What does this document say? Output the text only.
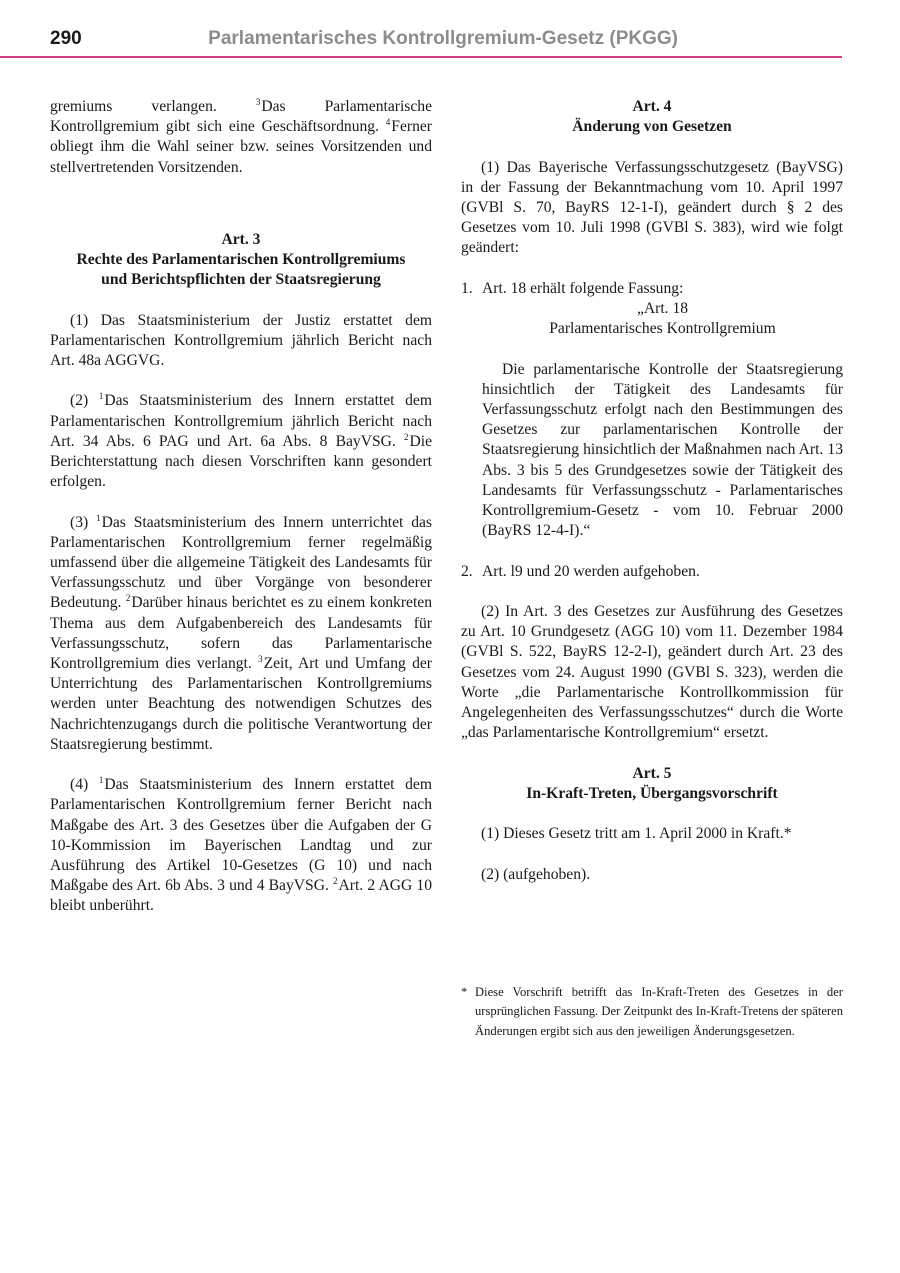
290	Parlamentarisches Kontrollgremium-Gesetz (PKGG)

gremiums verlangen. $^3$Das Parlamentarische Kontrollgremium gibt sich eine Geschäftsordnung. $^4$Ferner obliegt ihm die Wahl seiner bzw. seines Vorsitzenden und stellvertretenden Vorsitzenden.

Art. 3

Rechte des Parlamentarischen Kontrollgremiums

und Berichtspflichten der Staatsregierung

(1) Das Staatsministerium der Justiz erstattet dem Parlamentarischen Kontrollgremium jährlich Bericht nach Art. 48a AGGVG.

(2) $^1$Das Staatsministerium des Innern erstattet dem Parlamentarischen Kontrollgremium jährlich Bericht nach Art. 34 Abs. 6 PAG und Art. 6a Abs. 8 BayVSG. $^2$Die Berichterstattung nach diesen Vorschriften kann gesondert erfolgen.

(3) $^1$Das Staatsministerium des Innern unterrichtet das Parlamentarischen Kontrollgremium ferner regelmäßig umfassend über die allgemeine Tätigkeit des Landesamts für Verfassungsschutz und über Vorgänge von besonderer Bedeutung. $^2$Darüber hinaus berichtet es zu einem konkreten Thema aus dem Aufgabenbereich des Landesamts für Verfassungsschutz, sofern das Parlamentarische Kontrollgremium dies verlangt. $^3$Zeit, Art und Umfang der Unterrichtung des Parlamentarischen Kontrollgremiums werden unter Beachtung des notwendigen Schutzes des Nachrichtenzugangs durch die politische Verantwortung der Staatsregierung bestimmt.

(4) $^1$Das Staatsministerium des Innern erstattet dem Parlamentarischen Kontrollgremium ferner Bericht nach Maßgabe des Art. 3 des Gesetzes über die Aufgaben der G 10-Kommission im Bayerischen Landtag und zur Ausführung des Artikel 10-Gesetzes (G 10) und nach Maßgabe des Art. 6b Abs. 3 und 4 BayVSG. $^2$Art. 2 AGG 10 bleibt unberührt.

Art. 4

Änderung von Gesetzen

(1) Das Bayerische Verfassungsschutzgesetz (BayVSG) in der Fassung der Bekanntmachung vom 10. April 1997 (GVBl S. 70, BayRS 12-1-I), geändert durch § 2 des Gesetzes vom 10. Juli 1998 (GVBl S. 383), wird wie folgt geändert:

1. Art. 18 erhält folgende Fassung:

„Art. 18

Parlamentarisches Kontrollgremium

Die parlamentarische Kontrolle der Staatsregierung hinsichtlich der Tätigkeit des Landesamts für Verfassungsschutz erfolgt nach den Bestimmungen des Gesetzes zur parlamentarischen Kontrolle der Staatsregierung hinsichtlich der Maßnahmen nach Art. 13 Abs. 3 bis 5 des Grundgesetzes sowie der Tätigkeit des Landesamts für Verfassungsschutz - Parlamentarisches Kontrollgremium-Gesetz - vom 10. Februar 2000 (BayRS 12-4-I).“

2. Art. l9 und 20 werden aufgehoben.

(2) In Art. 3 des Gesetzes zur Ausführung des Gesetzes zu Art. 10 Grundgesetz (AGG 10) vom 11. Dezember 1984 (GVBl S. 522, BayRS 12-2-I), geändert durch Art. 23 des Gesetzes vom 24. August 1990 (GVBl S. 323), werden die Worte „die Parlamentarische Kontrollkommission für Angelegenheiten des Verfassungsschutzes“ durch die Worte „das Parlamentarische Kontrollgremium“ ersetzt.

Art. 5

In-Kraft-Treten, Übergangsvorschrift

(1) Dieses Gesetz tritt am 1. April 2000 in Kraft.*

(2) (aufgehoben).

* Diese Vorschrift betrifft das In-Kraft-Treten des Gesetzes in der ursprünglichen Fassung. Der Zeitpunkt des In-Kraft-Tretens der späteren Änderungen ergibt sich aus den jeweiligen Änderungsgesetzen.
